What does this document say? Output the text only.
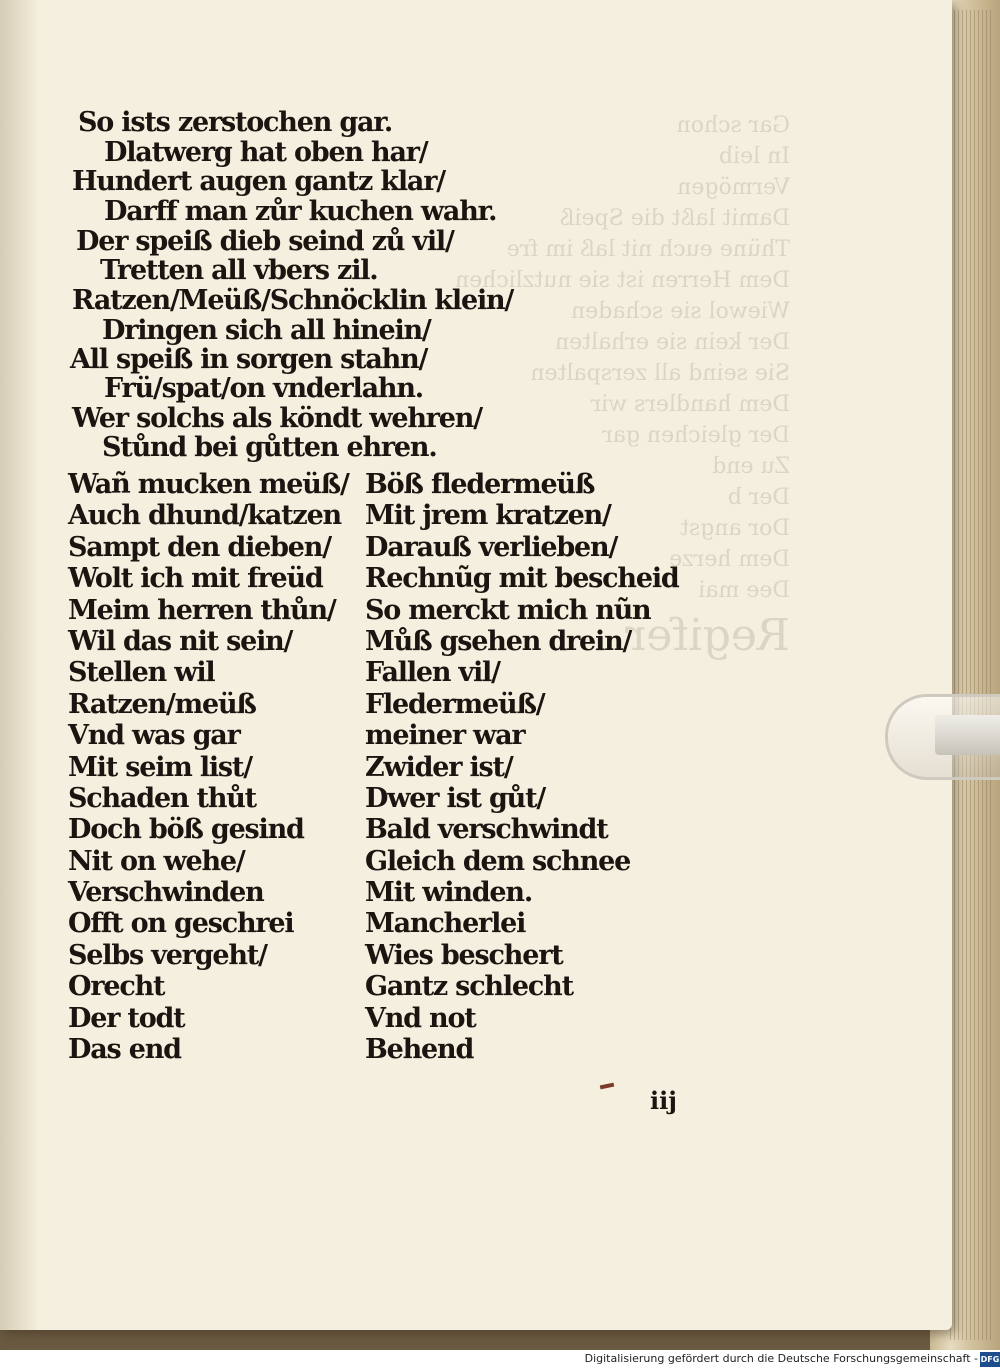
Gar schon
In leib
Vermögen
Damit laßt die Speiß
Thüne euch nit laß im fre
Dem Herren ist sie nutzlichen
Wiewol sie schaden
Der kein sie erhalten
Sie seind all zerspalten
Dem handlers wir
Der gleichen gar
Zu end
Der b
Dor angst
Dem herze
Dee mai
Regifer
So ists zerstochen gar.
Dlatwerg hat oben har/
Hundert augen gantz klar/
Darff man zůr kuchen wahr.
Der speiß dieb seind zů vil/
Tretten all vbers zil.
Ratzen/Meüß/Schnöcklin klein/
Dringen sich all hinein/
All speiß in sorgen stahn/
Frü/spat/on vnderlahn.
Wer solchs als köndt wehren/
Stůnd bei gůtten ehren.
Wañ mucken meüß/
Auch dhund/katzen
Sampt den dieben/
Wolt ich mit freüd
Meim herren thůn/
Wil das nit sein/
Stellen wil
Ratzen/meüß
Vnd was gar
Mit seim list/
Schaden thůt
Doch böß gesind
Nit on wehe/
Verschwinden
Offt on geschrei
Selbs vergeht/
Orecht
Der todt
Das end
Böß fledermeüß
Mit jrem kratzen/
Darauß verlieben/
Rechnũg mit bescheid
So merckt mich nũn
Můß gsehen drein/
Fallen vil/
Fledermeüß/
meiner war
Zwider ist/
Dwer ist gůt/
Bald verschwindt
Gleich dem schnee
Mit winden.
Mancherlei
Wies beschert
Gantz schlecht
Vnd not
Behend
iij
Digitalisierung gefördert durch die Deutsche Forschungsgemeinschaft - DFG
